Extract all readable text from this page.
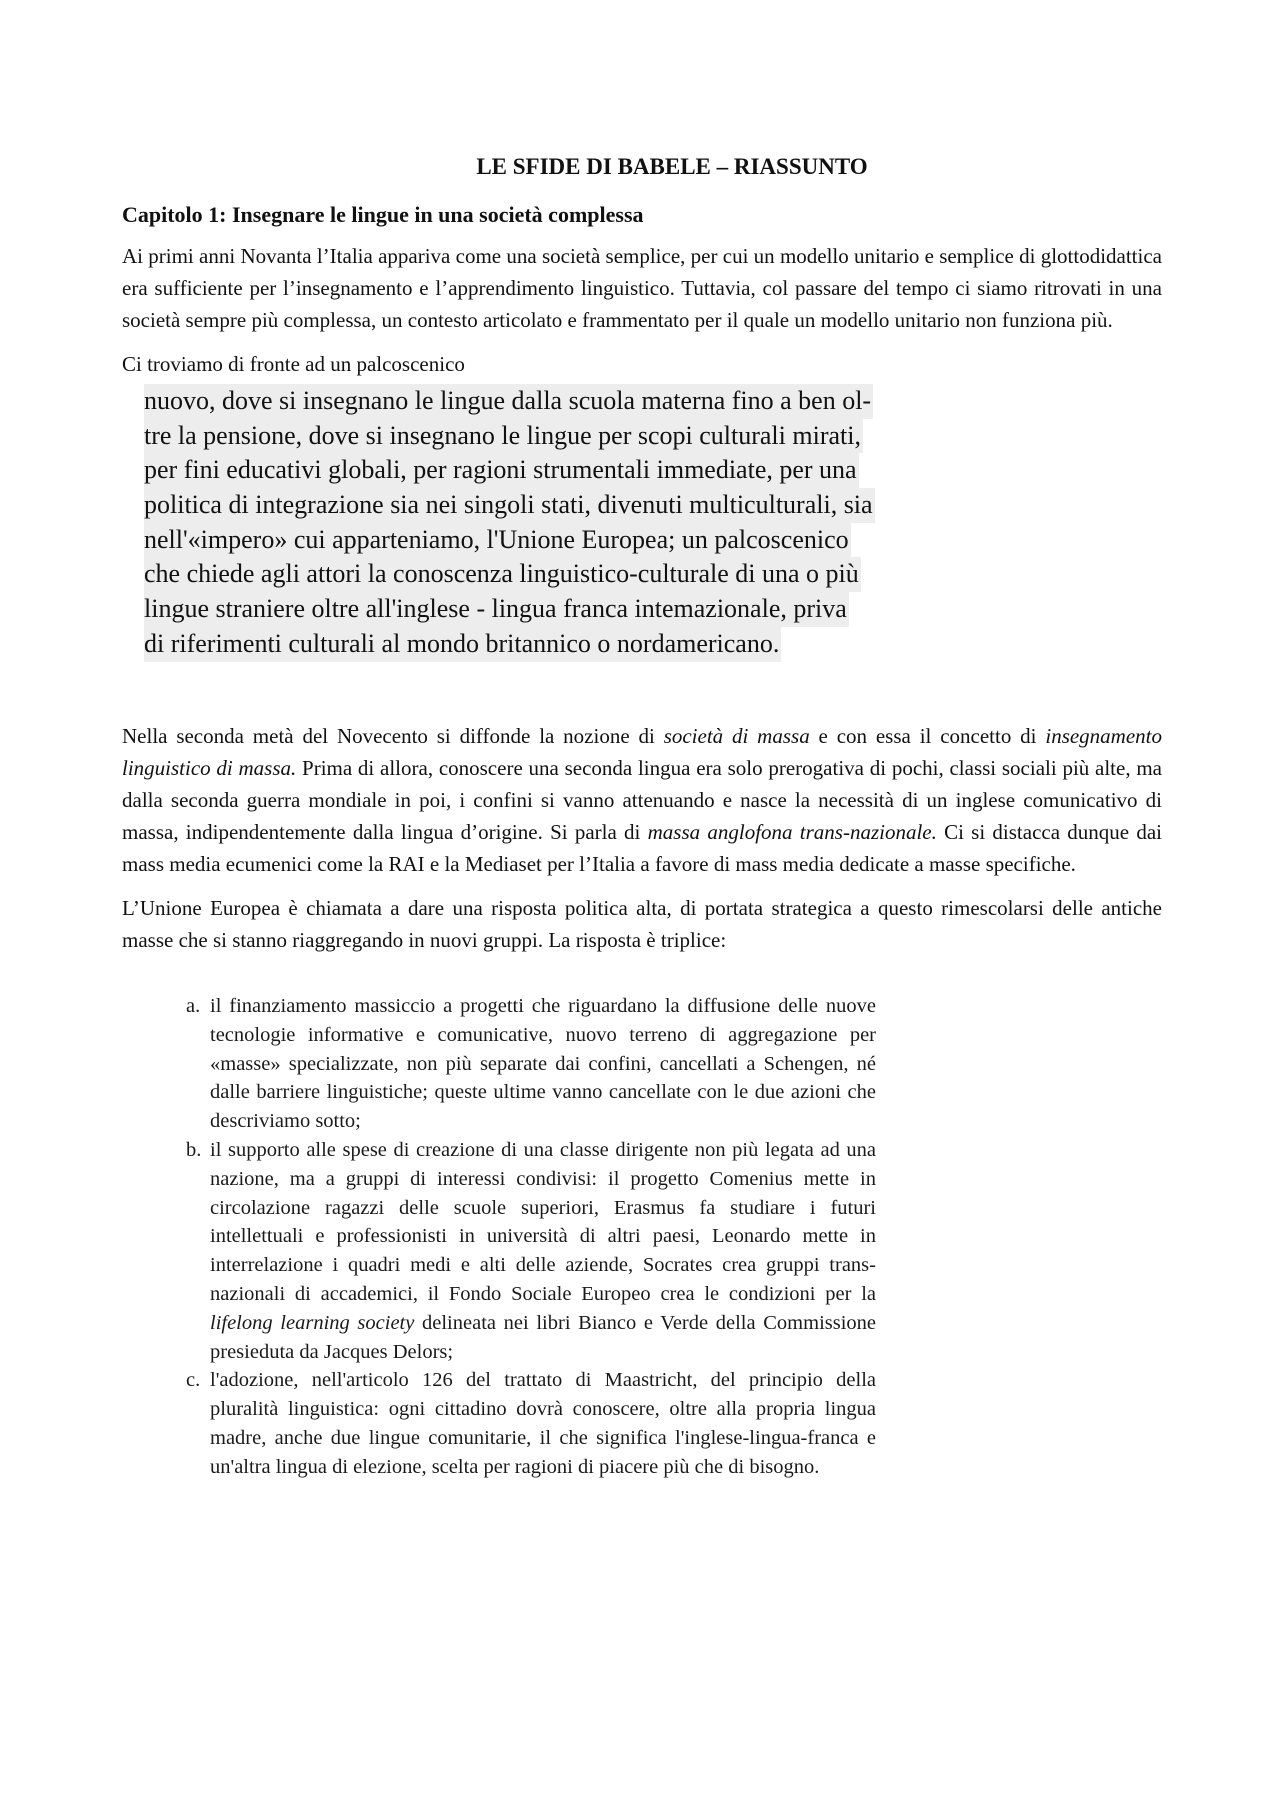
LE SFIDE DI BABELE – RIASSUNTO
Capitolo 1: Insegnare le lingue in una società complessa

Ai primi anni Novanta l’Italia appariva come una società semplice, per cui un modello unitario e semplice di glottodidattica era sufficiente per l’insegnamento e l’apprendimento linguistico. Tuttavia, col passare del tempo ci siamo ritrovati in una società sempre più complessa, un contesto articolato e frammentato per il quale un modello unitario non funziona più.

Ci troviamo di fronte ad un palcoscenico

nuovo, dove si insegnano le lingue dalla scuola materna fino a ben ol-
tre la pensione, dove si insegnano le lingue per scopi culturali mirati,
per fini educativi globali, per ragioni strumentali immediate, per una
politica di integrazione sia nei singoli stati, divenuti multiculturali, sia
nell'«impero» cui apparteniamo, l'Unione Europea; un palcoscenico
che chiede agli attori la conoscenza linguistico-culturale di una o più
lingue straniere oltre all'inglese - lingua franca intemazionale, priva
di riferimenti culturali al mondo britannico o nordamericano.

Nella seconda metà del Novecento si diffonde la nozione di società di massa e con essa il concetto di insegnamento linguistico di massa. Prima di allora, conoscere una seconda lingua era solo prerogativa di pochi, classi sociali più alte, ma dalla seconda guerra mondiale in poi, i confini si vanno attenuando e nasce la necessità di un inglese comunicativo di massa, indipendentemente dalla lingua d’origine. Si parla di massa anglofona trans-nazionale. Ci si distacca dunque dai mass media ecumenici come la RAI e la Mediaset per l’Italia a favore di mass media dedicate a masse specifiche.

L’Unione Europea è chiamata a dare una risposta politica alta, di portata strategica a questo rimescolarsi delle antiche masse che si stanno riaggregando in nuovi gruppi. La risposta è triplice:

a. il finanziamento massiccio a progetti che riguardano la diffusione delle nuove tecnologie informative e comunicative, nuovo terreno di aggregazione per «masse» specializzate, non più separate dai confini, cancellati a Schengen, né dalle barriere linguistiche; queste ultime vanno cancellate con le due azioni che descriviamo sotto;
b. il supporto alle spese di creazione di una classe dirigente non più legata ad una nazione, ma a gruppi di interessi condivisi: il progetto Comenius mette in circolazione ragazzi delle scuole superiori, Erasmus fa studiare i futuri intellettuali e professionisti in università di altri paesi, Leonardo mette in interrelazione i quadri medi e alti delle aziende, Socrates crea gruppi trans-nazionali di accademici, il Fondo Sociale Europeo crea le condizioni per la lifelong learning society delineata nei libri Bianco e Verde della Commissione presieduta da Jacques Delors;
c. l'adozione, nell'articolo 126 del trattato di Maastricht, del principio della pluralità linguistica: ogni cittadino dovrà conoscere, oltre alla propria lingua madre, anche due lingue comunitarie, il che significa l'inglese-lingua-franca e un'altra lingua di elezione, scelta per ragioni di piacere più che di bisogno.
